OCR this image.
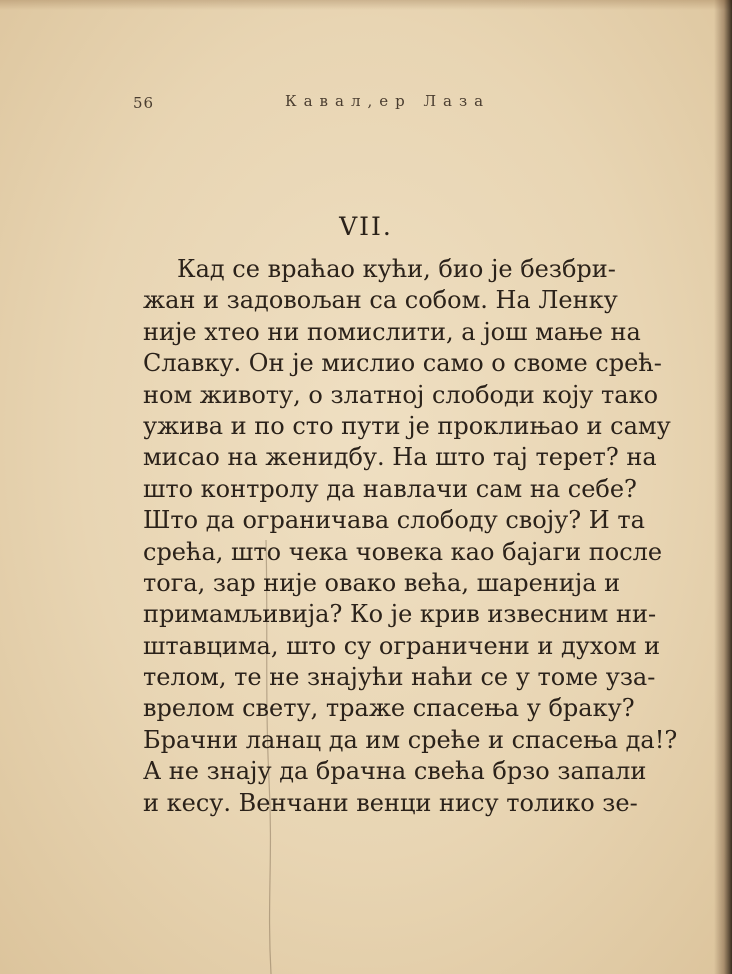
56	Кавал,ер Лаза
VII.
Кад се враћао кући, био је безбри-
жан и задовољан са собом. На Ленку
није хтео ни помислити, а још мање на
Славку. Он је мислио само о своме срећ-
ном животу, о златној слободи коју тако
ужива и по сто пути је проклињао и саму
мисао на женидбу. На што тај терет? на
што контролу да навлачи сам на себе?
Што да ограничава слободу своју? И та
срећа, што чека човека као бајаги после
тога, зар није овако већа, шаренија и
примамљивија? Ко је крив извесним ни-
штавцима, што су ограничени и духом и
телом, те не знајући наћи се у томе уза-
врелом свету, траже спасења у браку?
Брачни ланац да им среће и спасења да!?
А не знају да брачна свећа брзо запали
и кесу. Венчани венци нису толико зе-
